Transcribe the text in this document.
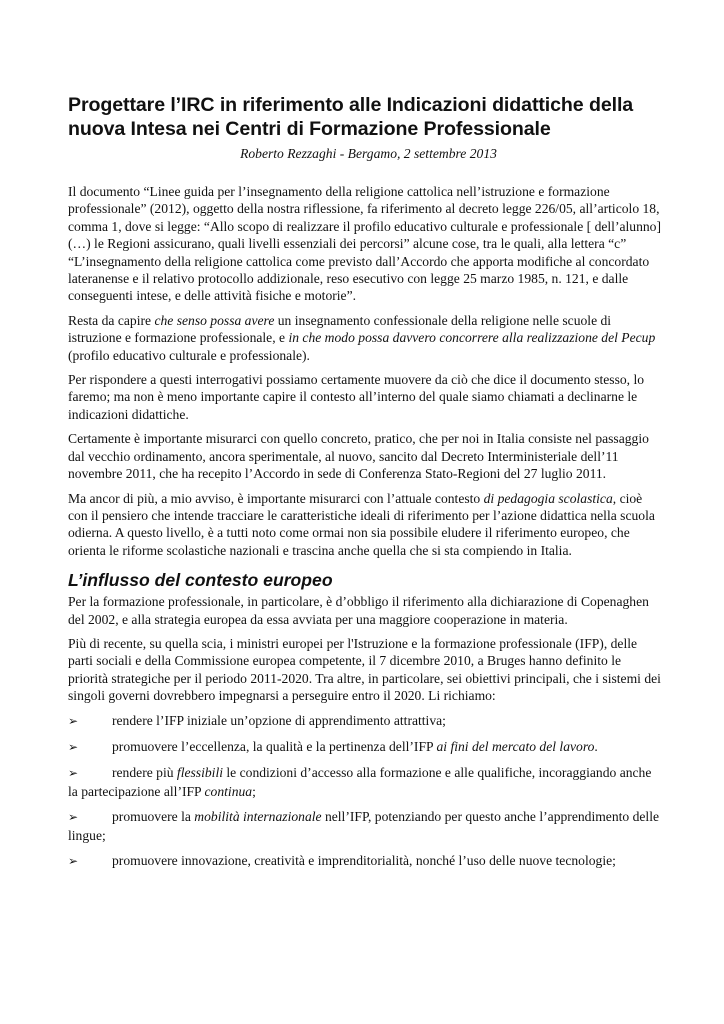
Progettare l’IRC in riferimento alle Indicazioni didattiche della
nuova Intesa nei Centri di Formazione Professionale
Roberto Rezzaghi - Bergamo, 2 settembre 2013

Il documento “Linee guida per l’insegnamento della religione cattolica nell’istruzione e formazione professionale” (2012), oggetto della nostra riflessione, fa riferimento al decreto legge 226/05, all’articolo 18, comma 1, dove si legge: “Allo scopo di realizzare il profilo educativo culturale e professionale [ dell’alunno] (…) le Regioni assicurano, quali livelli essenziali dei percorsi” alcune cose, tra le quali, alla lettera “c” “L’insegnamento della religione cattolica come previsto dall’Accordo che apporta modifiche al concordato lateranense e il relativo protocollo addizionale, reso esecutivo con legge 25 marzo 1985, n. 121, e dalle conseguenti intese, e delle attività fisiche e motorie”.

Resta da capire che senso possa avere un insegnamento confessionale della religione nelle scuole di istruzione e formazione professionale, e in che modo possa davvero concorrere alla realizzazione del Pecup (profilo educativo culturale e professionale).

Per rispondere a questi interrogativi possiamo certamente muovere da ciò che dice il documento stesso, lo faremo; ma non è meno importante capire il contesto all’interno del quale siamo chiamati a declinarne le indicazioni didattiche.

Certamente è importante misurarci con quello concreto, pratico, che per noi in Italia consiste nel passaggio dal vecchio ordinamento, ancora sperimentale, al nuovo, sancito dal Decreto Interministeriale dell’11 novembre 2011, che ha recepito l’Accordo in sede di Conferenza Stato-Regioni del 27 luglio 2011.

Ma ancor di più, a mio avviso, è importante misurarci con l’attuale contesto di pedagogia scolastica, cioè con il pensiero che intende tracciare le caratteristiche ideali di riferimento per l’azione didattica nella scuola odierna. A questo livello, è a tutti noto come ormai non sia possibile eludere il riferimento europeo, che orienta le riforme scolastiche nazionali e trascina anche quella che si sta compiendo in Italia.

L’influsso del contesto europeo

Per la formazione professionale, in particolare, è d’obbligo il riferimento alla dichiarazione di Copenaghen del 2002, e alla strategia europea da essa avviata per una maggiore cooperazione in materia.

Più di recente, su quella scia, i ministri europei per l'Istruzione e la formazione professionale (IFP), delle parti sociali e della Commissione europea competente, il 7 dicembre 2010, a Bruges hanno definito le priorità strategiche per il periodo 2011-2020. Tra altre, in particolare, sei obiettivi principali, che i sistemi dei singoli governi dovrebbero impegnarsi a perseguire entro il 2020. Li richiamo:

➢ rendere l’IFP iniziale un’opzione di apprendimento attrattiva;
➢ promuovere l’eccellenza, la qualità e la pertinenza dell’IFP ai fini del mercato del lavoro.
➢ rendere più flessibili le condizioni d’accesso alla formazione e alle qualifiche, incoraggiando anche la partecipazione all’IFP continua;
➢ promuovere la mobilità internazionale nell’IFP, potenziando per questo anche l’apprendimento delle lingue;
➢ promuovere innovazione, creatività e imprenditorialità, nonché l’uso delle nuove tecnologie;
